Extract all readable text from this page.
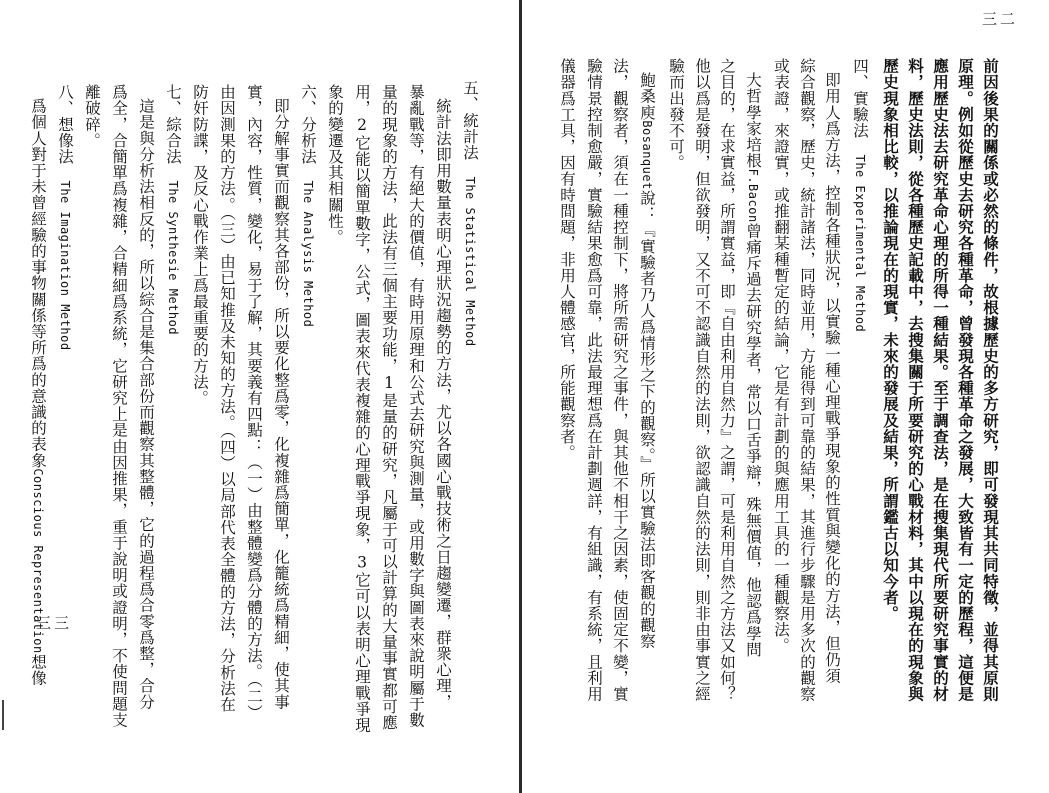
三二
前因後果的關係或必然的條件，故根據歷史的多方研究，即可發現其共同特徵，並得其原則
原理。例如從歷史去研究各種革命，曾發現各種革命之發展，大致皆有一定的歷程，這便是
應用歷史法去研究革命心理的所得一種結果。至于調查法，是在搜集現代所要研究事實的材
料，歷史法則，從各種歷史記載中，去搜集關于所要研究的心戰材料，其中以現在的現象與
歷史現象相比較，以推論現在的現實，未來的發展及結果，所謂鑑古以知今者。
四、實驗法　The Experimental Method
即用人爲方法，控制各種狀況，以實驗一種心理戰爭現象的性質與變化的方法，但仍須
綜合觀察，歷史，統計諸法，同時並用，方能得到可靠的結果，其進行步驟是用多次的觀察
或表證，來證實，或推翻某種暫定的結論，它是有計劃的與應用工具的一種觀察法。
大哲學家培根F.Bacon曾痛斥過去研究學者，常以口舌爭辯，殊無價值，他認爲學問
之目的，在求實益，所謂實益，即『自由利用自然力』之謂，可是利用自然之方法又如何？
他以爲是發明，但欲發明，又不可不認識自然的法則，欲認識自然的法則，則非由事實之經
驗而出發不可。
鮑桑庾Bosanquet說：『實驗者乃人爲情形之下的觀察。』所以實驗法即客觀的觀察
法，觀察者，須在一種控制下，將所需研究之事件，與其他不相干之因素，使固定不變，實
驗情景控制愈嚴，實驗結果愈爲可靠，此法最理想爲在計劃週詳，有組識，有系統，且利用
儀器爲工具，因有時間題，非用人體感官，所能觀察者。
五、統計法　The Statistical Method
統計法即用數量表明心理狀況趨勢的方法，尤以各國心戰技術之日趨變遷，群衆心理，
暴亂戰等，有絕大的價值，有時用原理和公式去研究與測量，或用數字與圖表來說明屬于數
量的現象的方法，此法有三個主要功能，1是量的研究，凡屬于可以計算的大量事實都可應
用，2它能以簡單數字，公式，圖表來代表複雜的心理戰爭現象，3它可以表明心理戰爭現
象的變遷及其相關性。
六、分析法　The Analysis Method
即分解事實而觀察其各部份，所以要化整爲零，化複雜爲簡單，化籠統爲精細，使其事
實，內容，性質，變化，易于了解，其要義有四點：（一）由整體變爲分體的方法。（二）
由因測果的方法。（三）由已知推及未知的方法。（四）以局部代表全體的方法，分析法在
防奸防諜，及反心戰作業上爲最重要的方法。
七、綜合法　The Synthesie Method
這是與分析法相反的，所以綜合是集合部份而觀察其整體，它的過程爲合零爲整，合分
爲全，合簡單爲複雜，合精細爲系統，它研究上是由因推果，重于說明或證明，不使問題支
離破碎。
八、想像法　The Imagination Method
爲個人對于未曾經驗的事物關係等所爲的意識的表象Conscious Representation想像
三三
